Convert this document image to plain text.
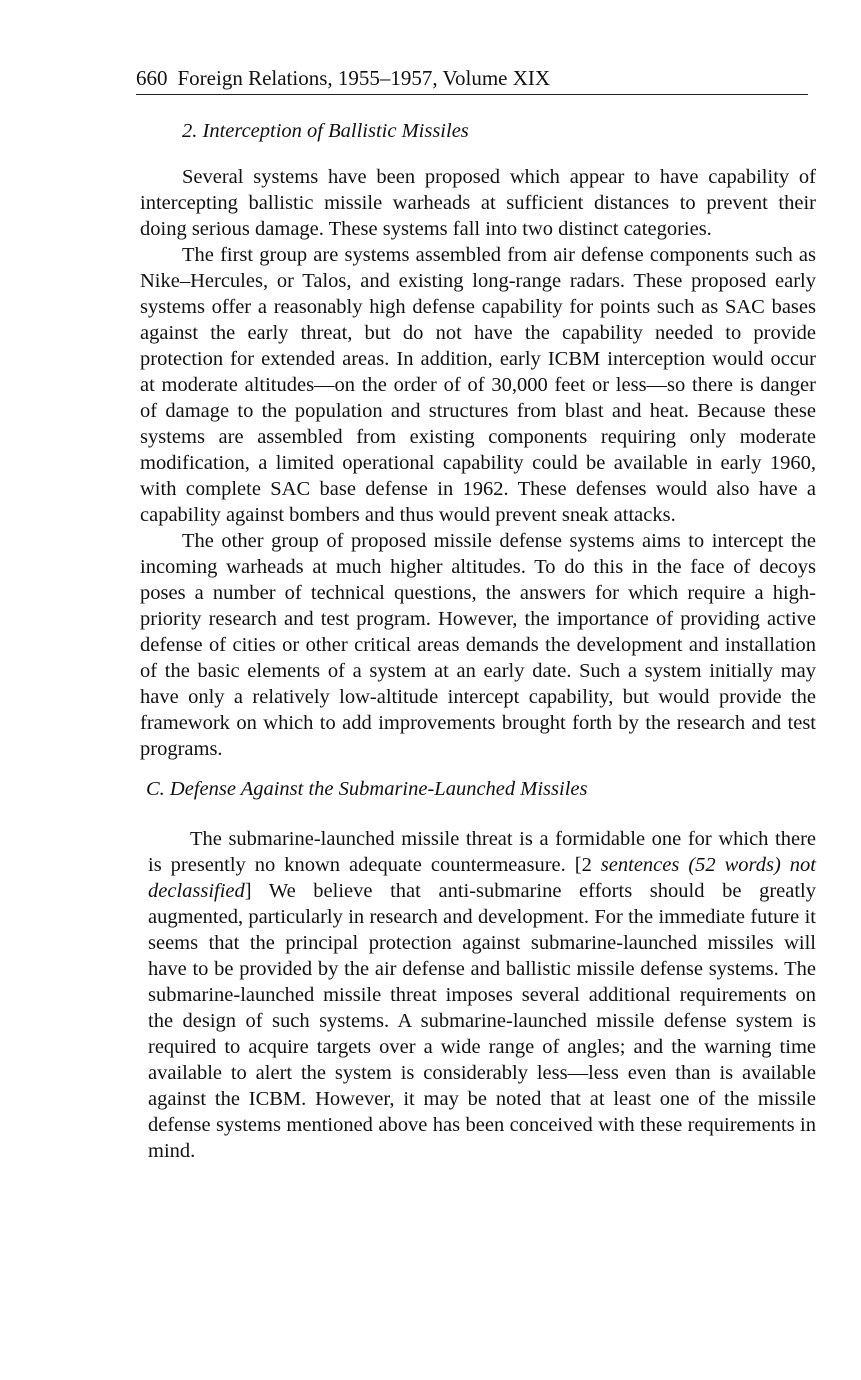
660 Foreign Relations, 1955–1957, Volume XIX
2. Interception of Ballistic Missiles

Several systems have been proposed which appear to have capability of intercepting ballistic missile warheads at sufficient distances to prevent their doing serious damage. These systems fall into two distinct categories.

The first group are systems assembled from air defense components such as Nike–Hercules, or Talos, and existing long-range radars. These proposed early systems offer a reasonably high defense capability for points such as SAC bases against the early threat, but do not have the capability needed to provide protection for extended areas. In addition, early ICBM interception would occur at moderate altitudes—on the order of of 30,000 feet or less—so there is danger of damage to the population and structures from blast and heat. Because these systems are assembled from existing components requiring only moderate modification, a limited operational capability could be available in early 1960, with complete SAC base defense in 1962. These defenses would also have a capability against bombers and thus would prevent sneak attacks.

The other group of proposed missile defense systems aims to intercept the incoming warheads at much higher altitudes. To do this in the face of decoys poses a number of technical questions, the answers for which require a high-priority research and test program. However, the importance of providing active defense of cities or other critical areas demands the development and installation of the basic elements of a system at an early date. Such a system initially may have only a relatively low-altitude intercept capability, but would provide the framework on which to add improvements brought forth by the research and test programs.

C. Defense Against the Submarine-Launched Missiles

The submarine-launched missile threat is a formidable one for which there is presently no known adequate countermeasure. [2 sentences (52 words) not declassified] We believe that anti-submarine efforts should be greatly augmented, particularly in research and development. For the immediate future it seems that the principal protection against submarine-launched missiles will have to be provided by the air defense and ballistic missile defense systems. The submarine-launched missile threat imposes several additional requirements on the design of such systems. A submarine-launched missile defense system is required to acquire targets over a wide range of angles; and the warning time available to alert the system is considerably less—less even than is available against the ICBM. However, it may be noted that at least one of the missile defense systems mentioned above has been conceived with these requirements in mind.
